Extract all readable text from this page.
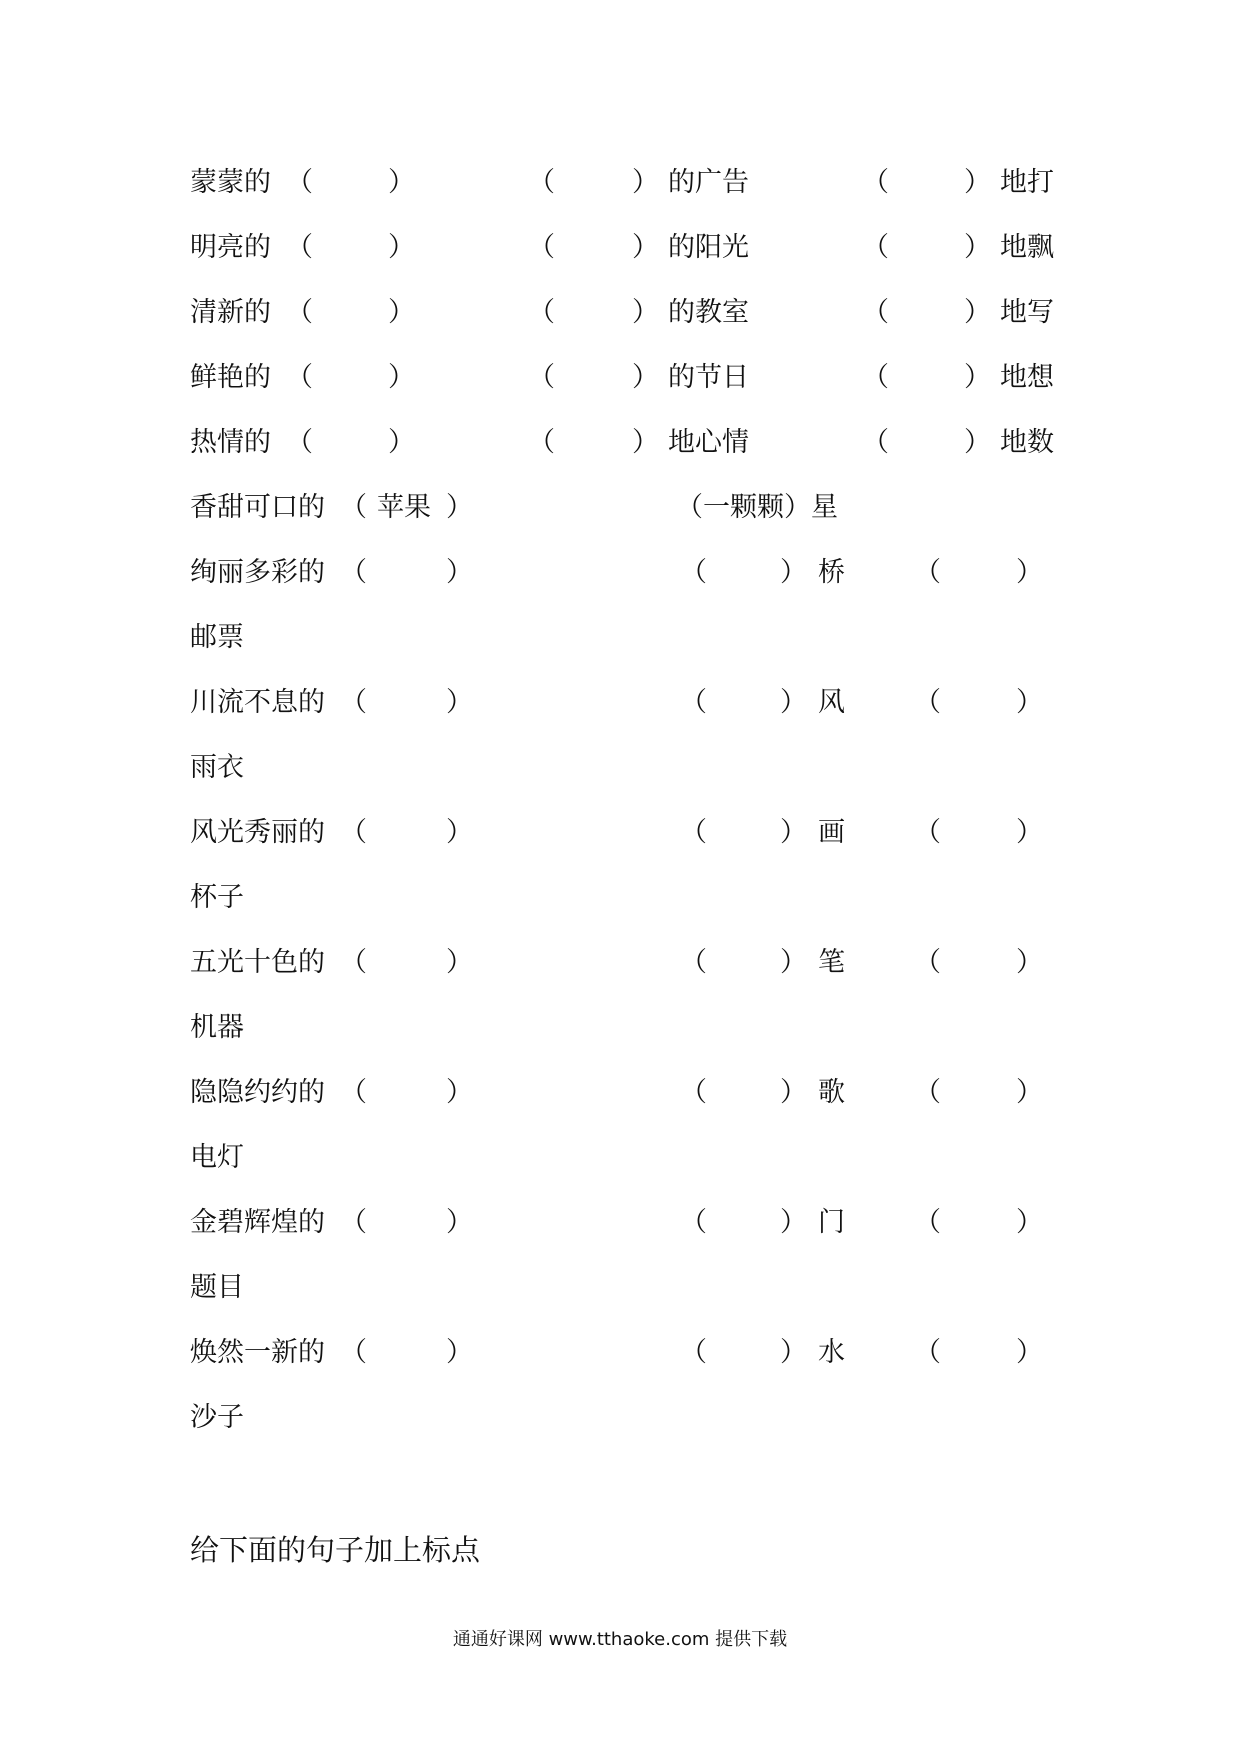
蒙蒙的 （	）	（	） 的广告	（	） 地打
明亮的 （	）	（	） 的阳光	（	） 地飘
清新的 （	）	（	） 的教室	（	） 地写
鲜艳的 （	）	（	） 的节日	（	） 地想
热情的 （	）	（	） 地心情	（	） 地数
香甜可口的 （ 苹果 ）	（一颗颗）星
绚丽多彩的 （	）	（	） 桥	（	）
邮票
川流不息的 （	）	（	） 风	（	）
雨衣
风光秀丽的 （	）	（	） 画	（	）
杯子
五光十色的 （	）	（	） 笔	（	）
机器
隐隐约约的 （	）	（	） 歌	（	）
电灯
金碧辉煌的 （	）	（	） 门	（	）
题目
焕然一新的 （	）	（	） 水	（	）
沙子
给下面的句子加上标点
通通好课网 www.tthaoke.com 提供下载
